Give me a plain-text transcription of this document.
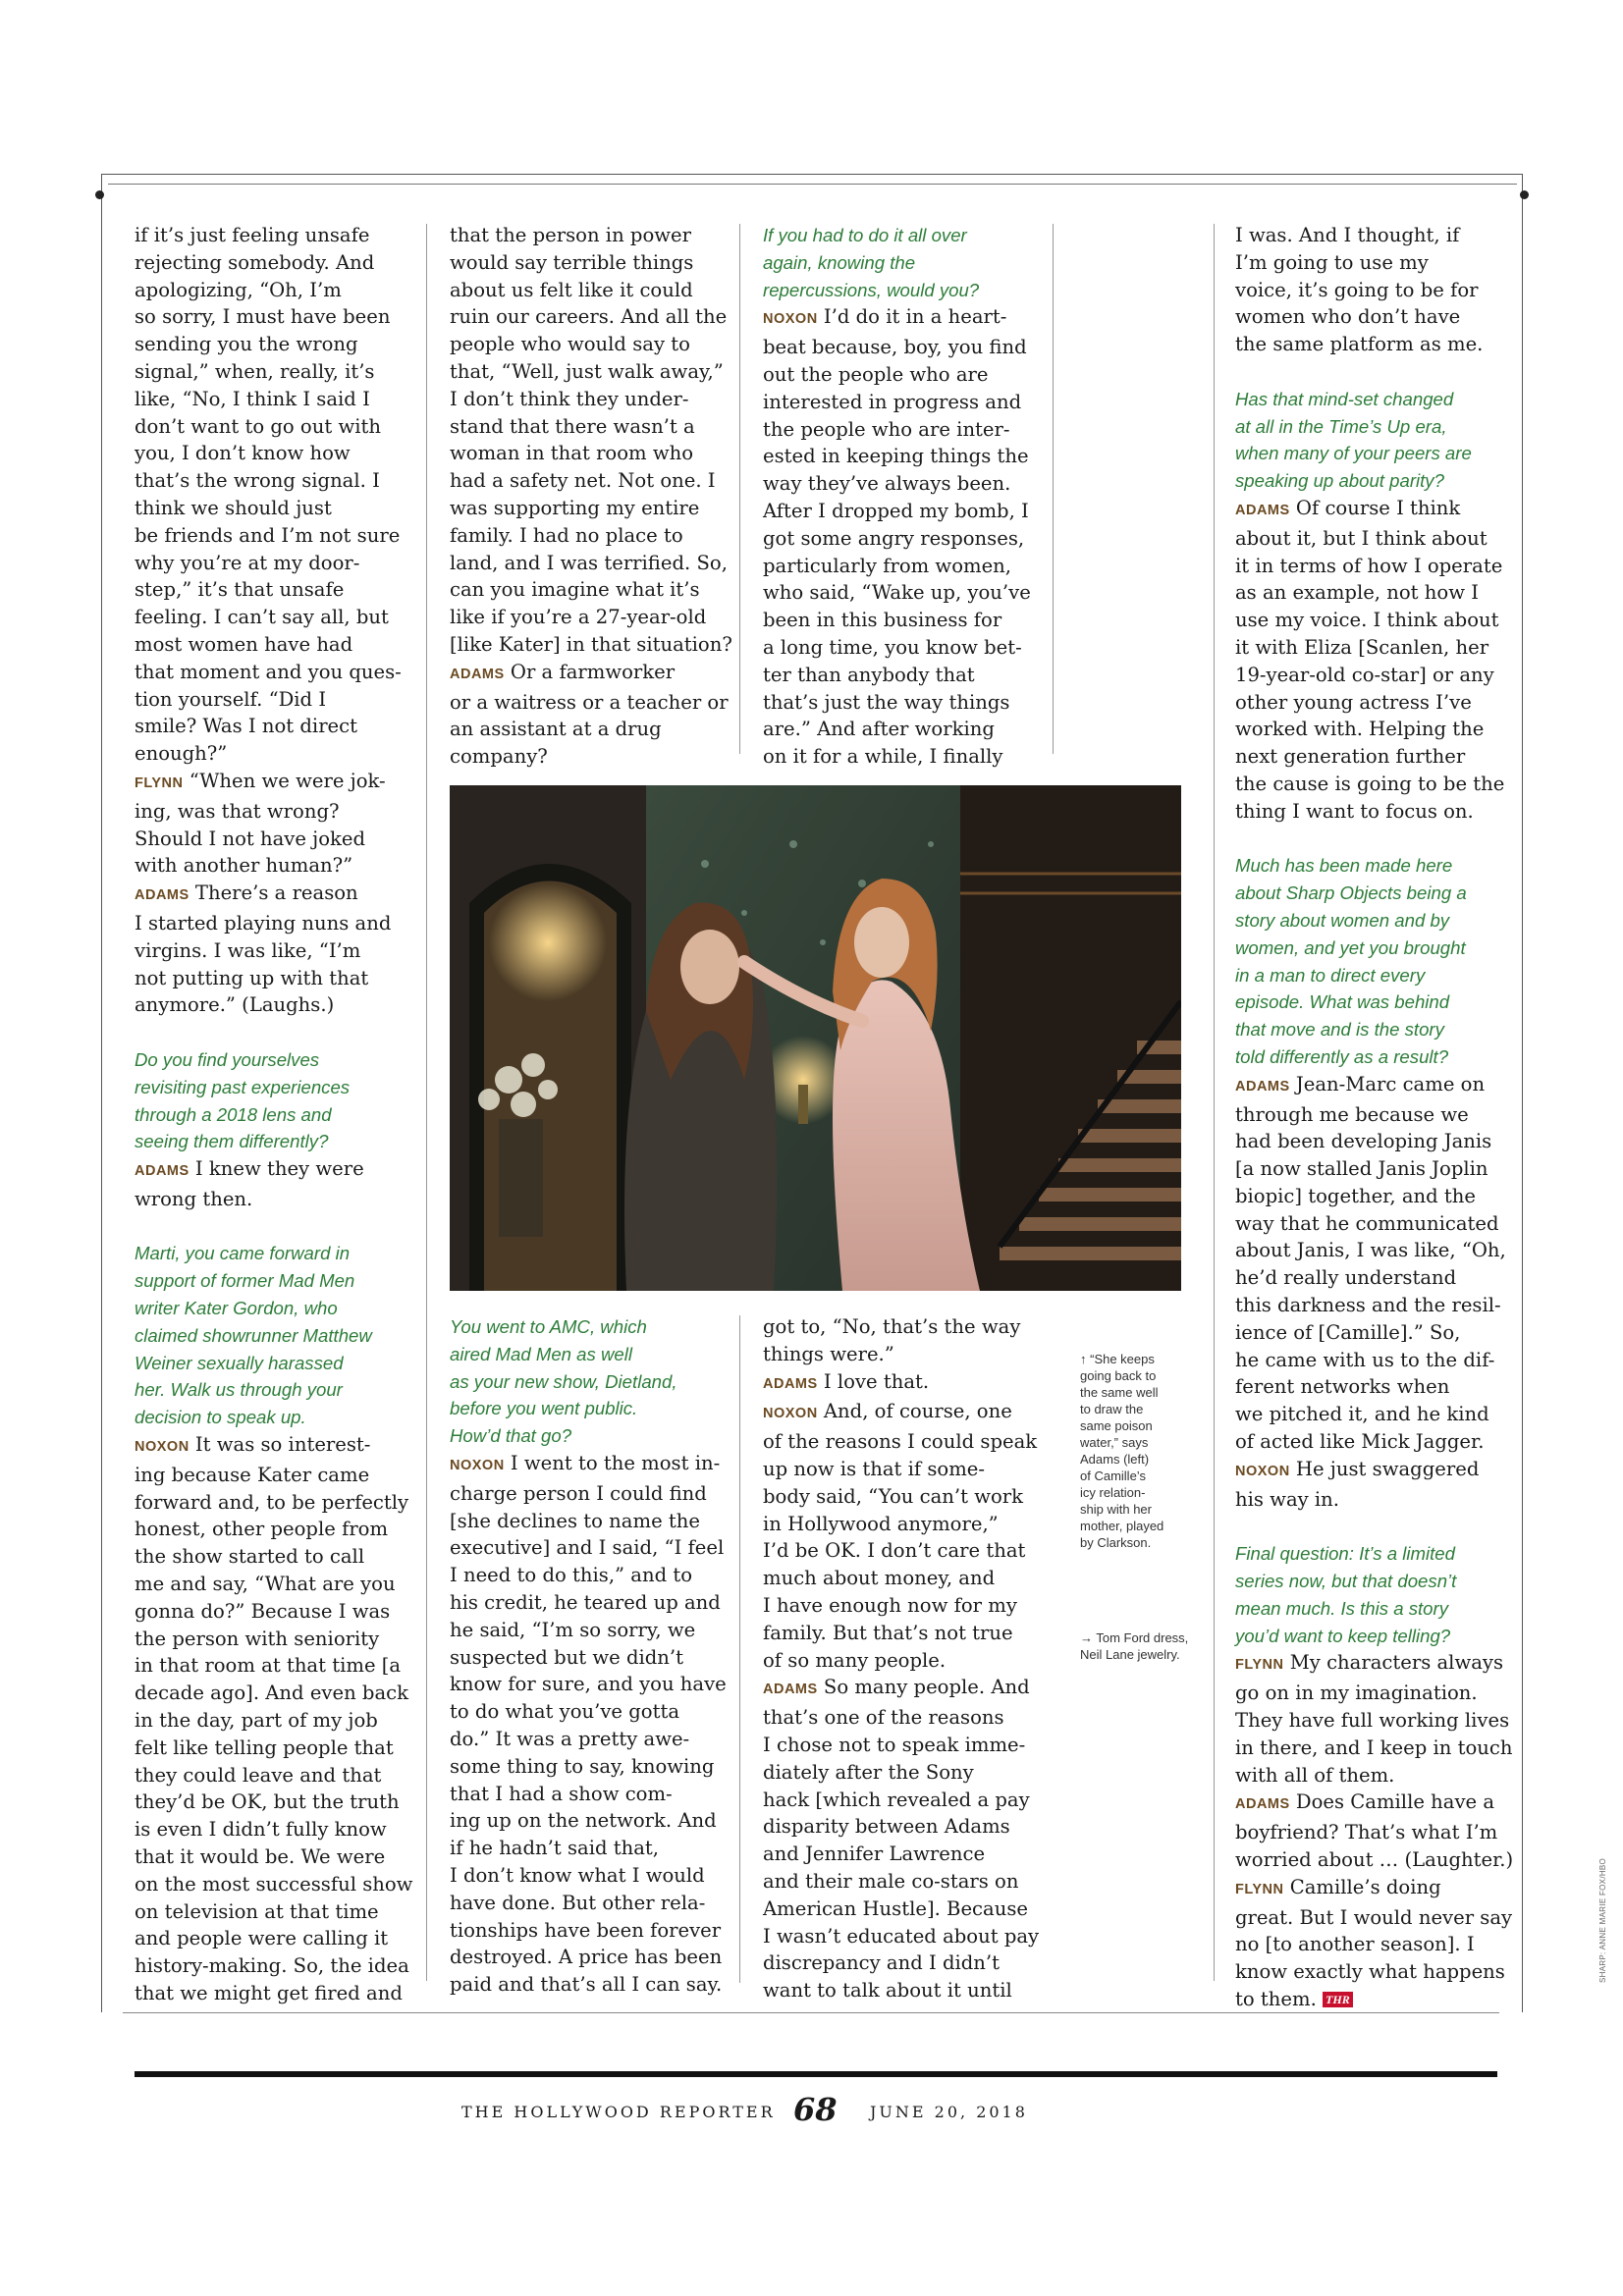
if it’s just feeling unsafe
rejecting somebody. And
apologizing, “Oh, I’m
so sorry, I must have been
sending you the wrong
signal,” when, really, it’s
like, “No, I think I said I
don’t want to go out with
you, I don’t know how
that’s the wrong signal. I
think we should just
be friends and I’m not sure
why you’re at my door-
step,” it’s that unsafe
feeling. I can’t say all, but
most women have had
that moment and you ques-
tion yourself. “Did I
smile? Was I not direct
enough?”
FLYNN “When we were jok-
ing, was that wrong?
Should I not have joked
with another human?”
ADAMS There’s a reason
I started playing nuns and
virgins. I was like, “I’m
not putting up with that
anymore.” (Laughs.)
Do you find yourselves
revisiting past experiences
through a 2018 lens and
seeing them differently?
ADAMS I knew they were
wrong then.
Marti, you came forward in
support of former Mad Men
writer Kater Gordon, who
claimed showrunner Matthew
Weiner sexually harassed
her. Walk us through your
decision to speak up.
NOXON It was so interest-
ing because Kater came
forward and, to be perfectly
honest, other people from
the show started to call
me and say, “What are you
gonna do?” Because I was
the person with seniority
in that room at that time [a
decade ago]. And even back
in the day, part of my job
felt like telling people that
they could leave and that
they’d be OK, but the truth
is even I didn’t fully know
that it would be. We were
on the most successful show
on television at that time
and people were calling it
history-making. So, the idea
that we might get fired and
that the person in power
would say terrible things
about us felt like it could
ruin our careers. And all the
people who would say to
that, “Well, just walk away,”
I don’t think they under-
stand that there wasn’t a
woman in that room who
had a safety net. Not one. I
was supporting my entire
family. I had no place to
land, and I was terrified. So,
can you imagine what it’s
like if you’re a 27-year-old
[like Kater] in that situation?
ADAMS Or a farmworker
or a waitress or a teacher or
an assistant at a drug
company?
You went to AMC, which
aired Mad Men as well
as your new show, Dietland,
before you went public.
How’d that go?
NOXON I went to the most in-
charge person I could find
[she declines to name the
executive] and I said, “I feel
I need to do this,” and to
his credit, he teared up and
he said, “I’m so sorry, we
suspected but we didn’t
know for sure, and you have
to do what you’ve gotta
do.” It was a pretty awe-
some thing to say, knowing
that I had a show com-
ing up on the network. And
if he hadn’t said that,
I don’t know what I would
have done. But other rela-
tionships have been forever
destroyed. A price has been
paid and that’s all I can say.
If you had to do it all over
again, knowing the
repercussions, would you?
NOXON I’d do it in a heart-
beat because, boy, you find
out the people who are
interested in progress and
the people who are inter-
ested in keeping things the
way they’ve always been.
After I dropped my bomb, I
got some angry responses,
particularly from women,
who said, “Wake up, you’ve
been in this business for
a long time, you know bet-
ter than anybody that
that’s just the way things
are.” And after working
on it for a while, I finally
got to, “No, that’s the way
things were.”
ADAMS I love that.
NOXON And, of course, one
of the reasons I could speak
up now is that if some-
body said, “You can’t work
in Hollywood anymore,”
I’d be OK. I don’t care that
much about money, and
I have enough now for my
family. But that’s not true
of so many people.
ADAMS So many people. And
that’s one of the reasons
I chose not to speak imme-
diately after the Sony
hack [which revealed a pay
disparity between Adams
and Jennifer Lawrence
and their male co-stars on
American Hustle]. Because
I wasn’t educated about pay
discrepancy and I didn’t
want to talk about it until
I was. And I thought, if
I’m going to use my
voice, it’s going to be for
women who don’t have
the same platform as me.
Has that mind-set changed
at all in the Time’s Up era,
when many of your peers are
speaking up about parity?
ADAMS Of course I think
about it, but I think about
it in terms of how I operate
as an example, not how I
use my voice. I think about
it with Eliza [Scanlen, her
19-year-old co-star] or any
other young actress I’ve
worked with. Helping the
next generation further
the cause is going to be the
thing I want to focus on.
Much has been made here
about Sharp Objects being a
story about women and by
women, and yet you brought
in a man to direct every
episode. What was behind
that move and is the story
told differently as a result?
ADAMS Jean-Marc came on
through me because we
had been developing Janis
[a now stalled Janis Joplin
biopic] together, and the
way that he communicated
about Janis, I was like, “Oh,
he’d really understand
this darkness and the resil-
ience of [Camille].” So,
he came with us to the dif-
ferent networks when
we pitched it, and he kind
of acted like Mick Jagger.
NOXON He just swaggered
his way in.
Final question: It’s a limited
series now, but that doesn’t
mean much. Is this a story
you’d want to keep telling?
FLYNN My characters always
go on in my imagination.
They have full working lives
in there, and I keep in touch
with all of them.
ADAMS Does Camille have a
boyfriend? That’s what I’m
worried about … (Laughter.)
FLYNN Camille’s doing
great. But I would never say
no [to another season]. I
know exactly what happens
to them. THR

↑ “She keeps
going back to
the same well
to draw the
same poison
water,” says
Adams (left)
of Camille’s
icy relation-
ship with her
mother, played
by Clarkson.

→ Tom Ford dress,
Neil Lane jewelry.

THE HOLLYWOOD REPORTER 68 JUNE 20, 2018
SHARP: ANNE MARIE FOX/HBO
